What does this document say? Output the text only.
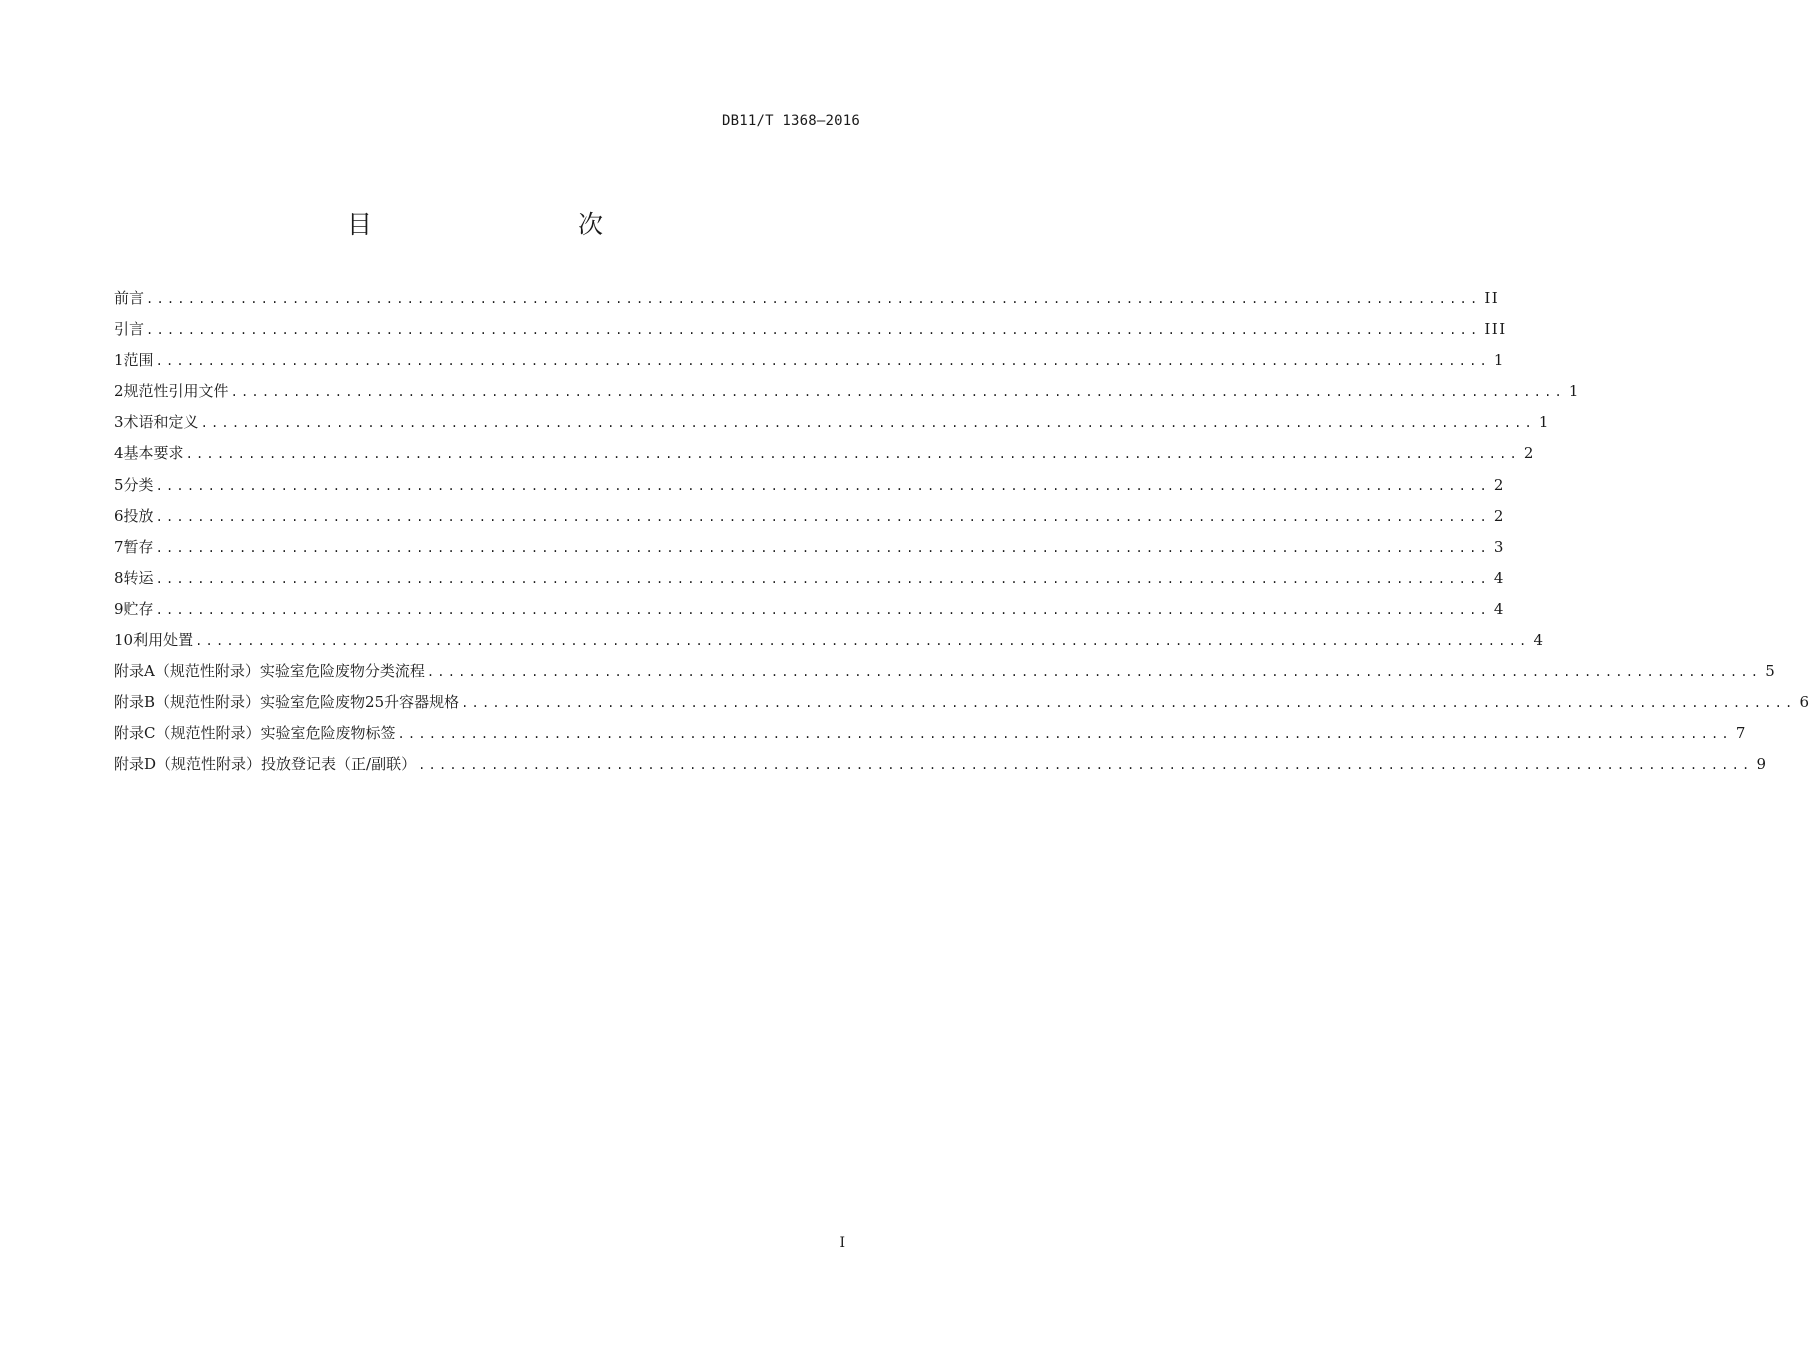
DB11/T 1368—2016
目　　次
前言 ................................................................................................................................ II
引言 ................................................................................................................................ III
1 范围 ................................................................................................................................ 1
2 规范性引用文件 ................................................................................................................................ 1
3 术语和定义 ................................................................................................................................ 1
4 基本要求 ................................................................................................................................ 2
5 分类 ................................................................................................................................ 2
6 投放 ................................................................................................................................ 2
7 暂存 ................................................................................................................................ 3
8 转运 ................................................................................................................................ 4
9 贮存 ................................................................................................................................ 4
10 利用处置 ................................................................................................................................ 4
附录A（规范性附录） 实验室危险废物分类流程 ................................................................................................................................ 5
附录B（规范性附录） 实验室危险废物25升容器规格 ................................................................................................................................ 6
附录C（规范性附录） 实验室危险废物标签 ................................................................................................................................ 7
附录D（规范性附录） 投放登记表（正/副联） ................................................................................................................................ 9
I
